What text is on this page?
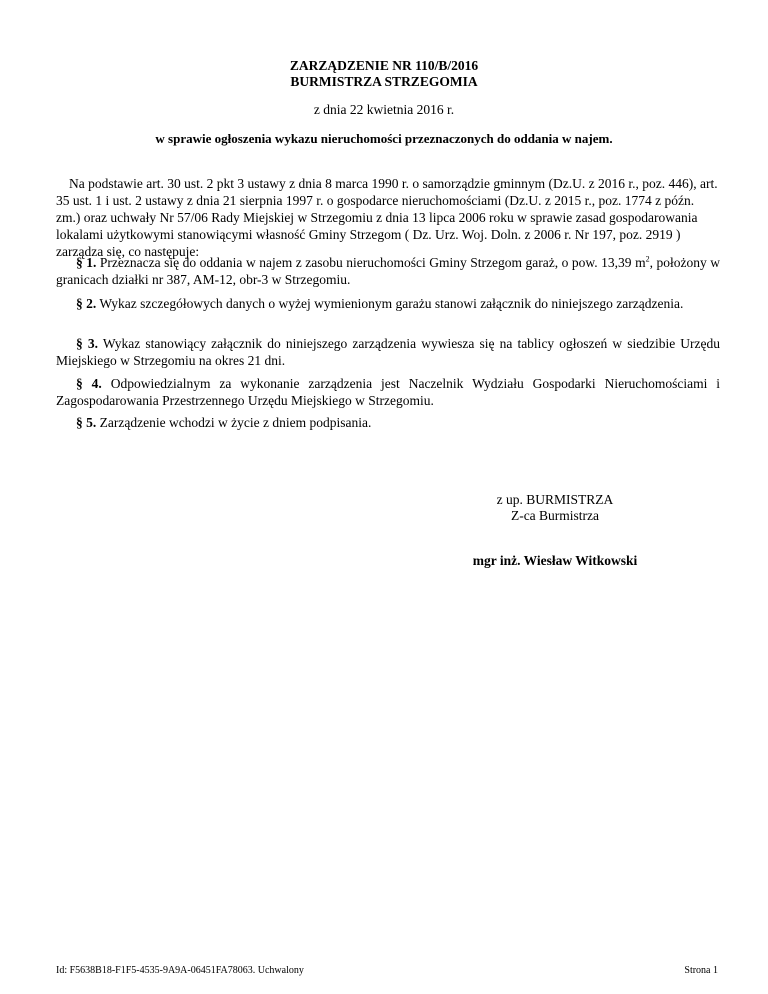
ZARZĄDZENIE NR 110/B/2016
BURMISTRZA STRZEGOMIA
z dnia 22 kwietnia 2016 r.
w sprawie ogłoszenia wykazu nieruchomości przeznaczonych do oddania w najem.
Na podstawie art. 30 ust. 2 pkt 3 ustawy z dnia 8 marca 1990 r. o samorządzie gminnym (Dz.U. z 2016 r., poz. 446), art. 35 ust. 1 i ust. 2 ustawy z dnia 21 sierpnia 1997 r. o gospodarce nieruchomościami (Dz.U. z 2015 r., poz. 1774 z późn. zm.) oraz uchwały Nr 57/06 Rady Miejskiej w Strzegomiu z dnia 13 lipca 2006 roku w sprawie zasad gospodarowania lokalami użytkowymi stanowiącymi własność Gminy Strzegom ( Dz. Urz. Woj. Doln. z 2006 r. Nr 197, poz. 2919 ) zarządza się, co następuje:
§ 1. Przeznacza się do oddania w najem z zasobu nieruchomości Gminy Strzegom garaż, o pow. 13,39 $m^2$, położony w granicach działki nr 387, AM-12, obr-3 w Strzegomiu.
§ 2. Wykaz szczegółowych danych o wyżej wymienionym garażu stanowi załącznik do niniejszego zarządzenia.
§ 3. Wykaz stanowiący załącznik do niniejszego zarządzenia wywiesza się na tablicy ogłoszeń w siedzibie Urzędu Miejskiego w Strzegomiu na okres 21 dni.
§ 4. Odpowiedzialnym za wykonanie zarządzenia jest Naczelnik Wydziału Gospodarki Nieruchomościami i Zagospodarowania Przestrzennego Urzędu Miejskiego w Strzegomiu.
§ 5. Zarządzenie wchodzi w życie z dniem podpisania.
z up. BURMISTRZA
Z-ca Burmistrza
mgr inż. Wiesław Witkowski
Id: F5638B18-F1F5-4535-9A9A-06451FA78063. Uchwalony	Strona 1
